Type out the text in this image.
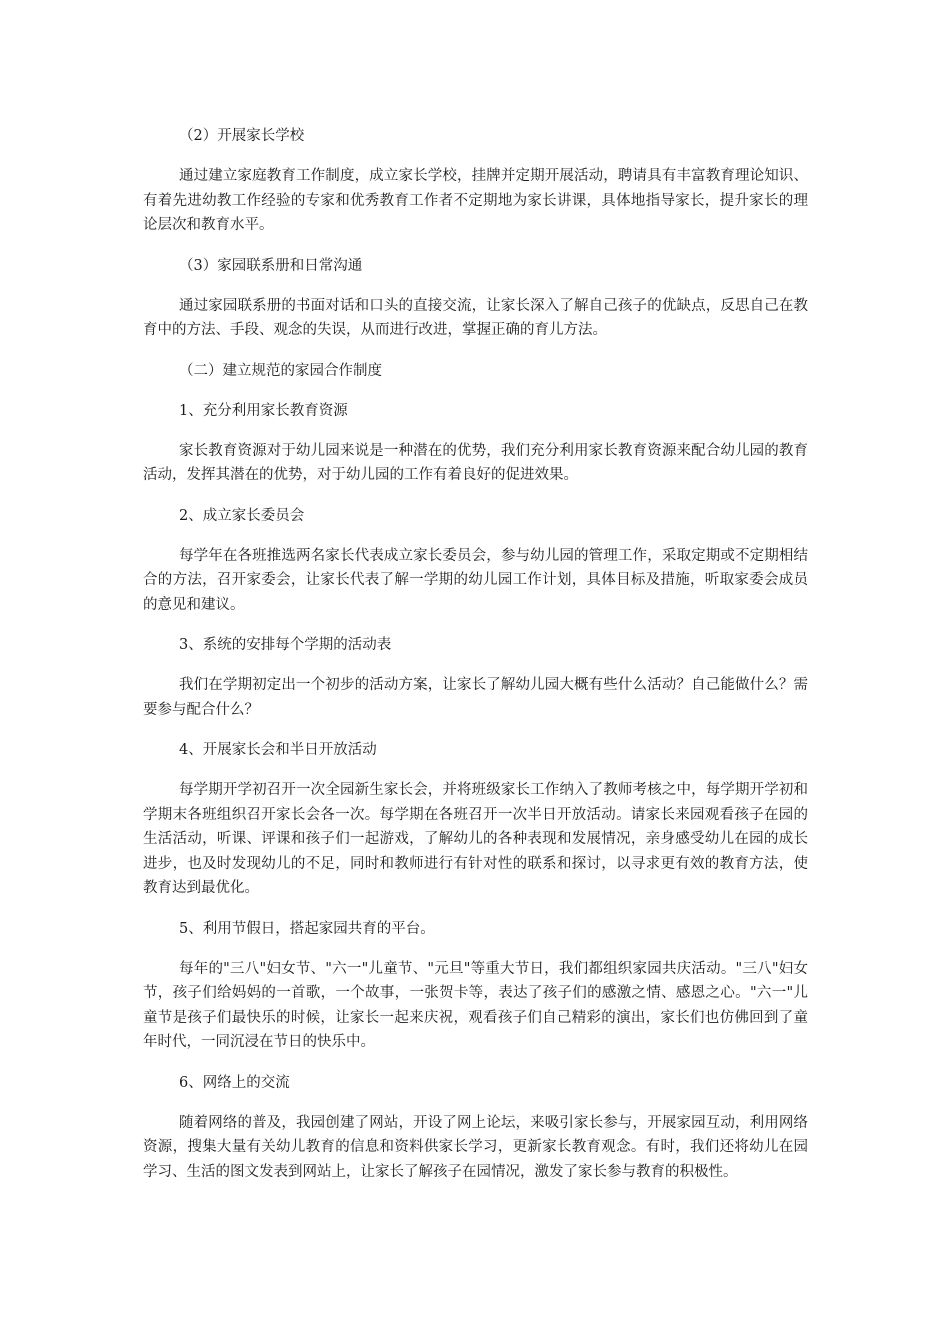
（2）开展家长学校

通过建立家庭教育工作制度，成立家长学校，挂牌并定期开展活动，聘请具有丰富教育理论知识、有着先进幼教工作经验的专家和优秀教育工作者不定期地为家长讲课，具体地指导家长，提升家长的理论层次和教育水平。

（3）家园联系册和日常沟通

通过家园联系册的书面对话和口头的直接交流，让家长深入了解自己孩子的优缺点，反思自己在教育中的方法、手段、观念的失误，从而进行改进，掌握正确的育儿方法。

（二）建立规范的家园合作制度

1、充分利用家长教育资源

家长教育资源对于幼儿园来说是一种潜在的优势，我们充分利用家长教育资源来配合幼儿园的教育活动，发挥其潜在的优势，对于幼儿园的工作有着良好的促进效果。

2、成立家长委员会

每学年在各班推选两名家长代表成立家长委员会，参与幼儿园的管理工作，采取定期或不定期相结合的方法，召开家委会，让家长代表了解一学期的幼儿园工作计划，具体目标及措施，听取家委会成员的意见和建议。

3、系统的安排每个学期的活动表

我们在学期初定出一个初步的活动方案，让家长了解幼儿园大概有些什么活动？自己能做什么？需要参与配合什么？

4、开展家长会和半日开放活动

每学期开学初召开一次全园新生家长会，并将班级家长工作纳入了教师考核之中，每学期开学初和学期末各班组织召开家长会各一次。每学期在各班召开一次半日开放活动。请家长来园观看孩子在园的生活活动，听课、评课和孩子们一起游戏，了解幼儿的各种表现和发展情况，亲身感受幼儿在园的成长进步，也及时发现幼儿的不足，同时和教师进行有针对性的联系和探讨，以寻求更有效的教育方法，使教育达到最优化。

5、利用节假日，搭起家园共育的平台。

每年的"三八"妇女节、"六一"儿童节、"元旦"等重大节日，我们都组织家园共庆活动。"三八"妇女节，孩子们给妈妈的一首歌，一个故事，一张贺卡等，表达了孩子们的感激之情、感恩之心。"六一"儿童节是孩子们最快乐的时候，让家长一起来庆祝，观看孩子们自己精彩的演出，家长们也仿佛回到了童年时代，一同沉浸在节日的快乐中。

6、网络上的交流

随着网络的普及，我园创建了网站，开设了网上论坛，来吸引家长参与，开展家园互动，利用网络资源，搜集大量有关幼儿教育的信息和资料供家长学习，更新家长教育观念。有时，我们还将幼儿在园学习、生活的图文发表到网站上，让家长了解孩子在园情况，激发了家长参与教育的积极性。
